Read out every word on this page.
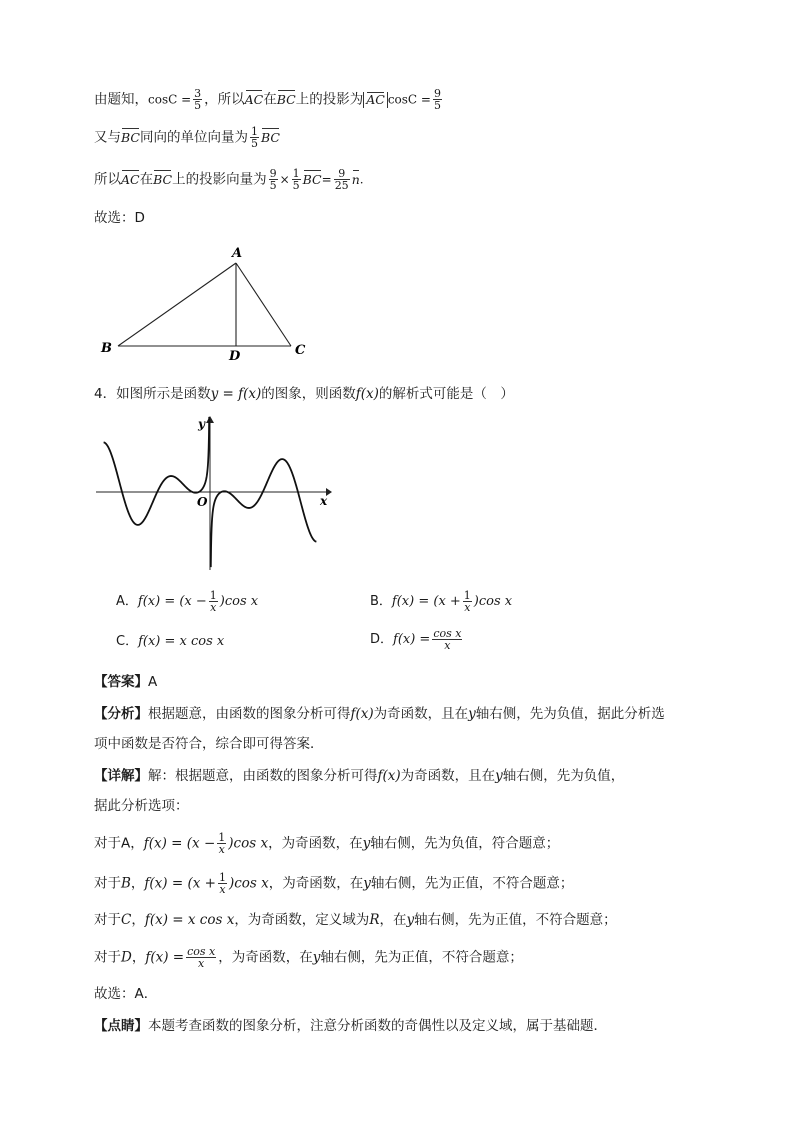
由题知，$\cos C = \frac{3}{5}$ ，所以AC在BC上的投影为 AC $\cos C = \frac{9}{5}$
又与BC同向的单位向量为 $\frac{1}{5}$ BC
所以AC在BC上的投影向量为 $\frac{9}{5} \times \frac{1}{5} BC= \frac{9}{25} n$.
故选：D
A
B	C
D
4．如图所示是函数y = f(x)的图象，则函数f(x)的解析式可能是（　）
y
x
O
A．$f(x) = (x - \frac{1}{x} )\cos$ x	B．$f(x) = (x + \frac{1}{x} )\cos$ x
C．f(x) = x cos x	D．$f(x) = \frac{\text{cos x}}{x}$
【答案】A
【分析】根据题意，由函数的图象分析可得f(x)为奇函数，且在y轴右侧，先为负值，据此分析选
项中函数是否符合，综合即可得答案．
【详解】解：根据题意，由函数的图象分析可得f(x)为奇函数，且在y轴右侧，先为负值，
据此分析选项：
对于A，$f(x) = (x - \frac{1}{x} )\cos$ x，为奇函数，在y轴右侧，先为负值，符合题意；
对于B，$f(x) = (x + \frac{1}{x} )\cos$ x，为奇函数，在y轴右侧，先为正值，不符合题意；
对于C，f(x) = x cos x，为奇函数，定义域为R，在y轴右侧，先为正值，不符合题意；
对于D，$f(x) = \frac{\text{cos x}}{x}$ ，为奇函数，在y轴右侧，先为正值，不符合题意；
故选：A．
【点睛】本题考查函数的图象分析，注意分析函数的奇偶性以及定义域，属于基础题．
